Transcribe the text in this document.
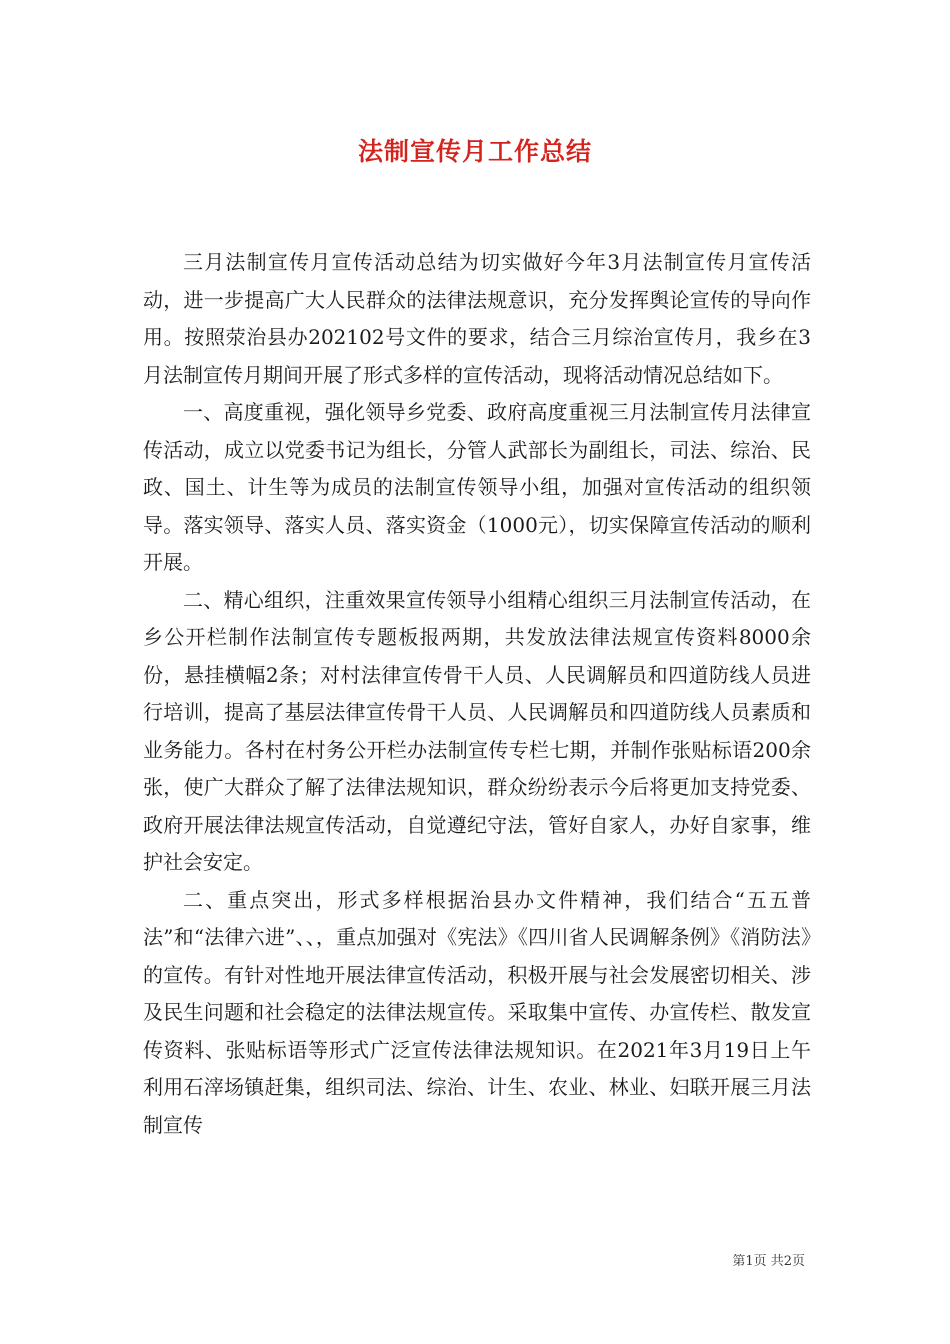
法制宣传月工作总结

三月法制宣传月宣传活动总结为切实做好今年3月法制宣传月宣传活动，进一步提高广大人民群众的法律法规意识，充分发挥舆论宣传的导向作用。按照荥治县办202102号文件的要求，结合三月综治宣传月，我乡在3月法制宣传月期间开展了形式多样的宣传活动，现将活动情况总结如下。

一、高度重视，强化领导乡党委、政府高度重视三月法制宣传月法律宣传活动，成立以党委书记为组长，分管人武部长为副组长，司法、综治、民政、国土、计生等为成员的法制宣传领导小组，加强对宣传活动的组织领导。落实领导、落实人员、落实资金（1000元），切实保障宣传活动的顺利开展。

二、精心组织，注重效果宣传领导小组精心组织三月法制宣传活动，在乡公开栏制作法制宣传专题板报两期，共发放法律法规宣传资料8000余份，悬挂横幅2条；对村法律宣传骨干人员、人民调解员和四道防线人员进行培训，提高了基层法律宣传骨干人员、人民调解员和四道防线人员素质和业务能力。各村在村务公开栏办法制宣传专栏七期，并制作张贴标语200余张，使广大群众了解了法律法规知识，群众纷纷表示今后将更加支持党委、政府开展法律法规宣传活动，自觉遵纪守法，管好自家人，办好自家事，维护社会安定。

二、重点突出，形式多样根据治县办文件精神，我们结合“五五普法”和“法律六进”、、，重点加强对《宪法》《四川省人民调解条例》《消防法》的宣传。有针对性地开展法律宣传活动，积极开展与社会发展密切相关、涉及民生问题和社会稳定的法律法规宣传。采取集中宣传、办宣传栏、散发宣传资料、张贴标语等形式广泛宣传法律法规知识。在2021年3月19日上午利用石滓场镇赶集，组织司法、综治、计生、农业、林业、妇联开展三月法制宣传

第1页 共2页
